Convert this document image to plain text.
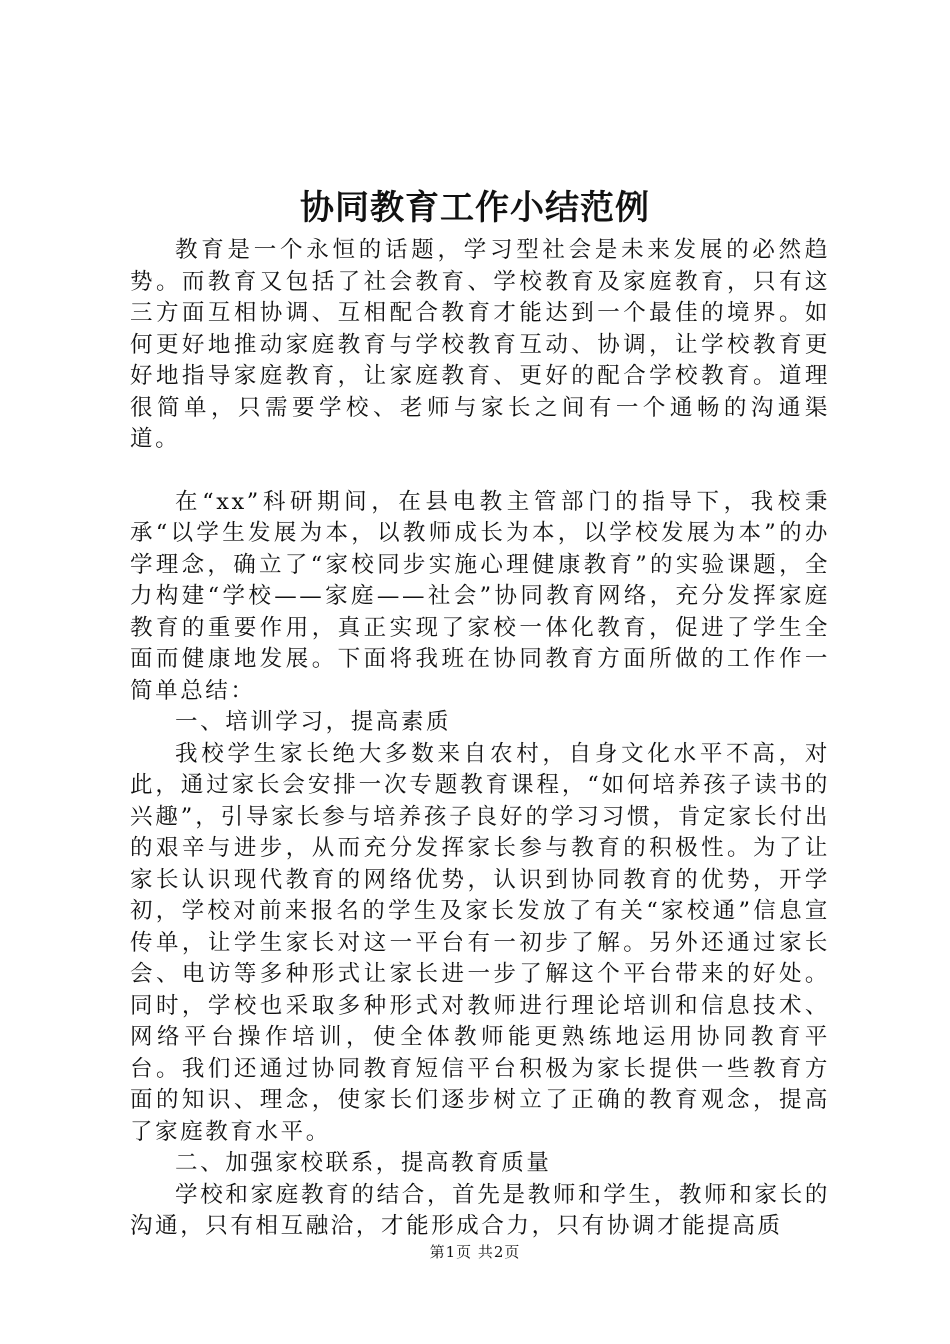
协同教育工作小结范例

教育是一个永恒的话题，学习型社会是未来发展的必然趋势。而教育又包括了社会教育、学校教育及家庭教育，只有这三方面互相协调、互相配合教育才能达到一个最佳的境界。如何更好地推动家庭教育与学校教育互动、协调，让学校教育更好地指导家庭教育，让家庭教育、更好的配合学校教育。道理很简单，只需要学校、老师与家长之间有一个通畅的沟通渠道。

在“xx”科研期间，在县电教主管部门的指导下，我校秉承“以学生发展为本，以教师成长为本，以学校发展为本”的办学理念，确立了“家校同步实施心理健康教育”的实验课题，全力构建“学校——家庭——社会”协同教育网络，充分发挥家庭教育的重要作用，真正实现了家校一体化教育，促进了学生全面而健康地发展。下面将我班在协同教育方面所做的工作作一简单总结：

一、培训学习，提高素质

我校学生家长绝大多数来自农村，自身文化水平不高，对此，通过家长会安排一次专题教育课程，“如何培养孩子读书的兴趣”，引导家长参与培养孩子良好的学习习惯，肯定家长付出的艰辛与进步，从而充分发挥家长参与教育的积极性。为了让家长认识现代教育的网络优势，认识到协同教育的优势，开学初，学校对前来报名的学生及家长发放了有关“家校通”信息宣传单，让学生家长对这一平台有一初步了解。另外还通过家长会、电访等多种形式让家长进一步了解这个平台带来的好处。同时，学校也采取多种形式对教师进行理论培训和信息技术、网络平台操作培训，使全体教师能更熟练地运用协同教育平台。我们还通过协同教育短信平台积极为家长提供一些教育方面的知识、理念，使家长们逐步树立了正确的教育观念，提高了家庭教育水平。

二、加强家校联系，提高教育质量

学校和家庭教育的结合，首先是教师和学生，教师和家长的沟通，只有相互融洽，才能形成合力，只有协调才能提高质

第1页 共2页
